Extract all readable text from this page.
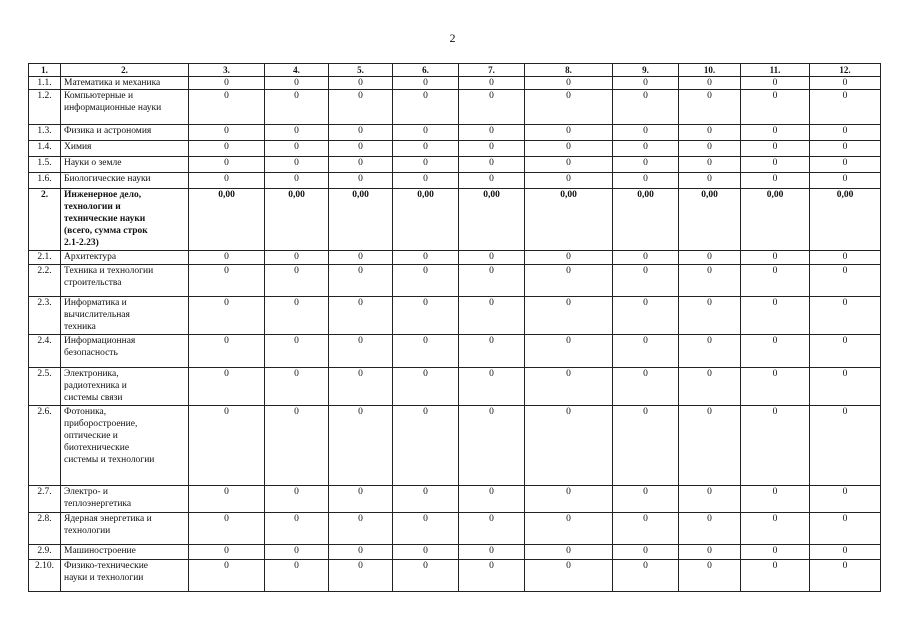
2
1.	2.	3.	4.	5.	6.	7.	8.	9.	10.	11.	12.
1.1.	Математика и механика	0	0	0	0	0	0	0	0	0	0
1.2.	Компьютерные и
информационные науки	0	0	0	0	0	0	0	0	0	0
1.3.	Физика и астрономия	0	0	0	0	0	0	0	0	0	0
1.4.	Химия	0	0	0	0	0	0	0	0	0	0
1.5.	Науки о земле	0	0	0	0	0	0	0	0	0	0
1.6.	Биологические науки	0	0	0	0	0	0	0	0	0	0
2.	Инженерное дело,
технологии и
технические науки
(всего, сумма строк
2.1-2.23)	0,00	0,00	0,00	0,00	0,00	0,00	0,00	0,00	0,00	0,00
2.1.	Архитектура	0	0	0	0	0	0	0	0	0	0
2.2.	Техника и технологии
строительства	0	0	0	0	0	0	0	0	0	0
2.3.	Информатика и
вычислительная
техника	0	0	0	0	0	0	0	0	0	0
2.4.	Информационная
безопасность	0	0	0	0	0	0	0	0	0	0
2.5.	Электроника,
радиотехника и
системы связи	0	0	0	0	0	0	0	0	0	0
2.6.	Фотоника,
приборостроение,
оптические и
биотехнические
системы и технологии	0	0	0	0	0	0	0	0	0	0
2.7.	Электро- и
теплоэнергетика	0	0	0	0	0	0	0	0	0	0
2.8.	Ядерная энергетика и
технологии	0	0	0	0	0	0	0	0	0	0
2.9.	Машиностроение	0	0	0	0	0	0	0	0	0	0
2.10.	Физико-технические
науки и технологии	0	0	0	0	0	0	0	0	0	0
